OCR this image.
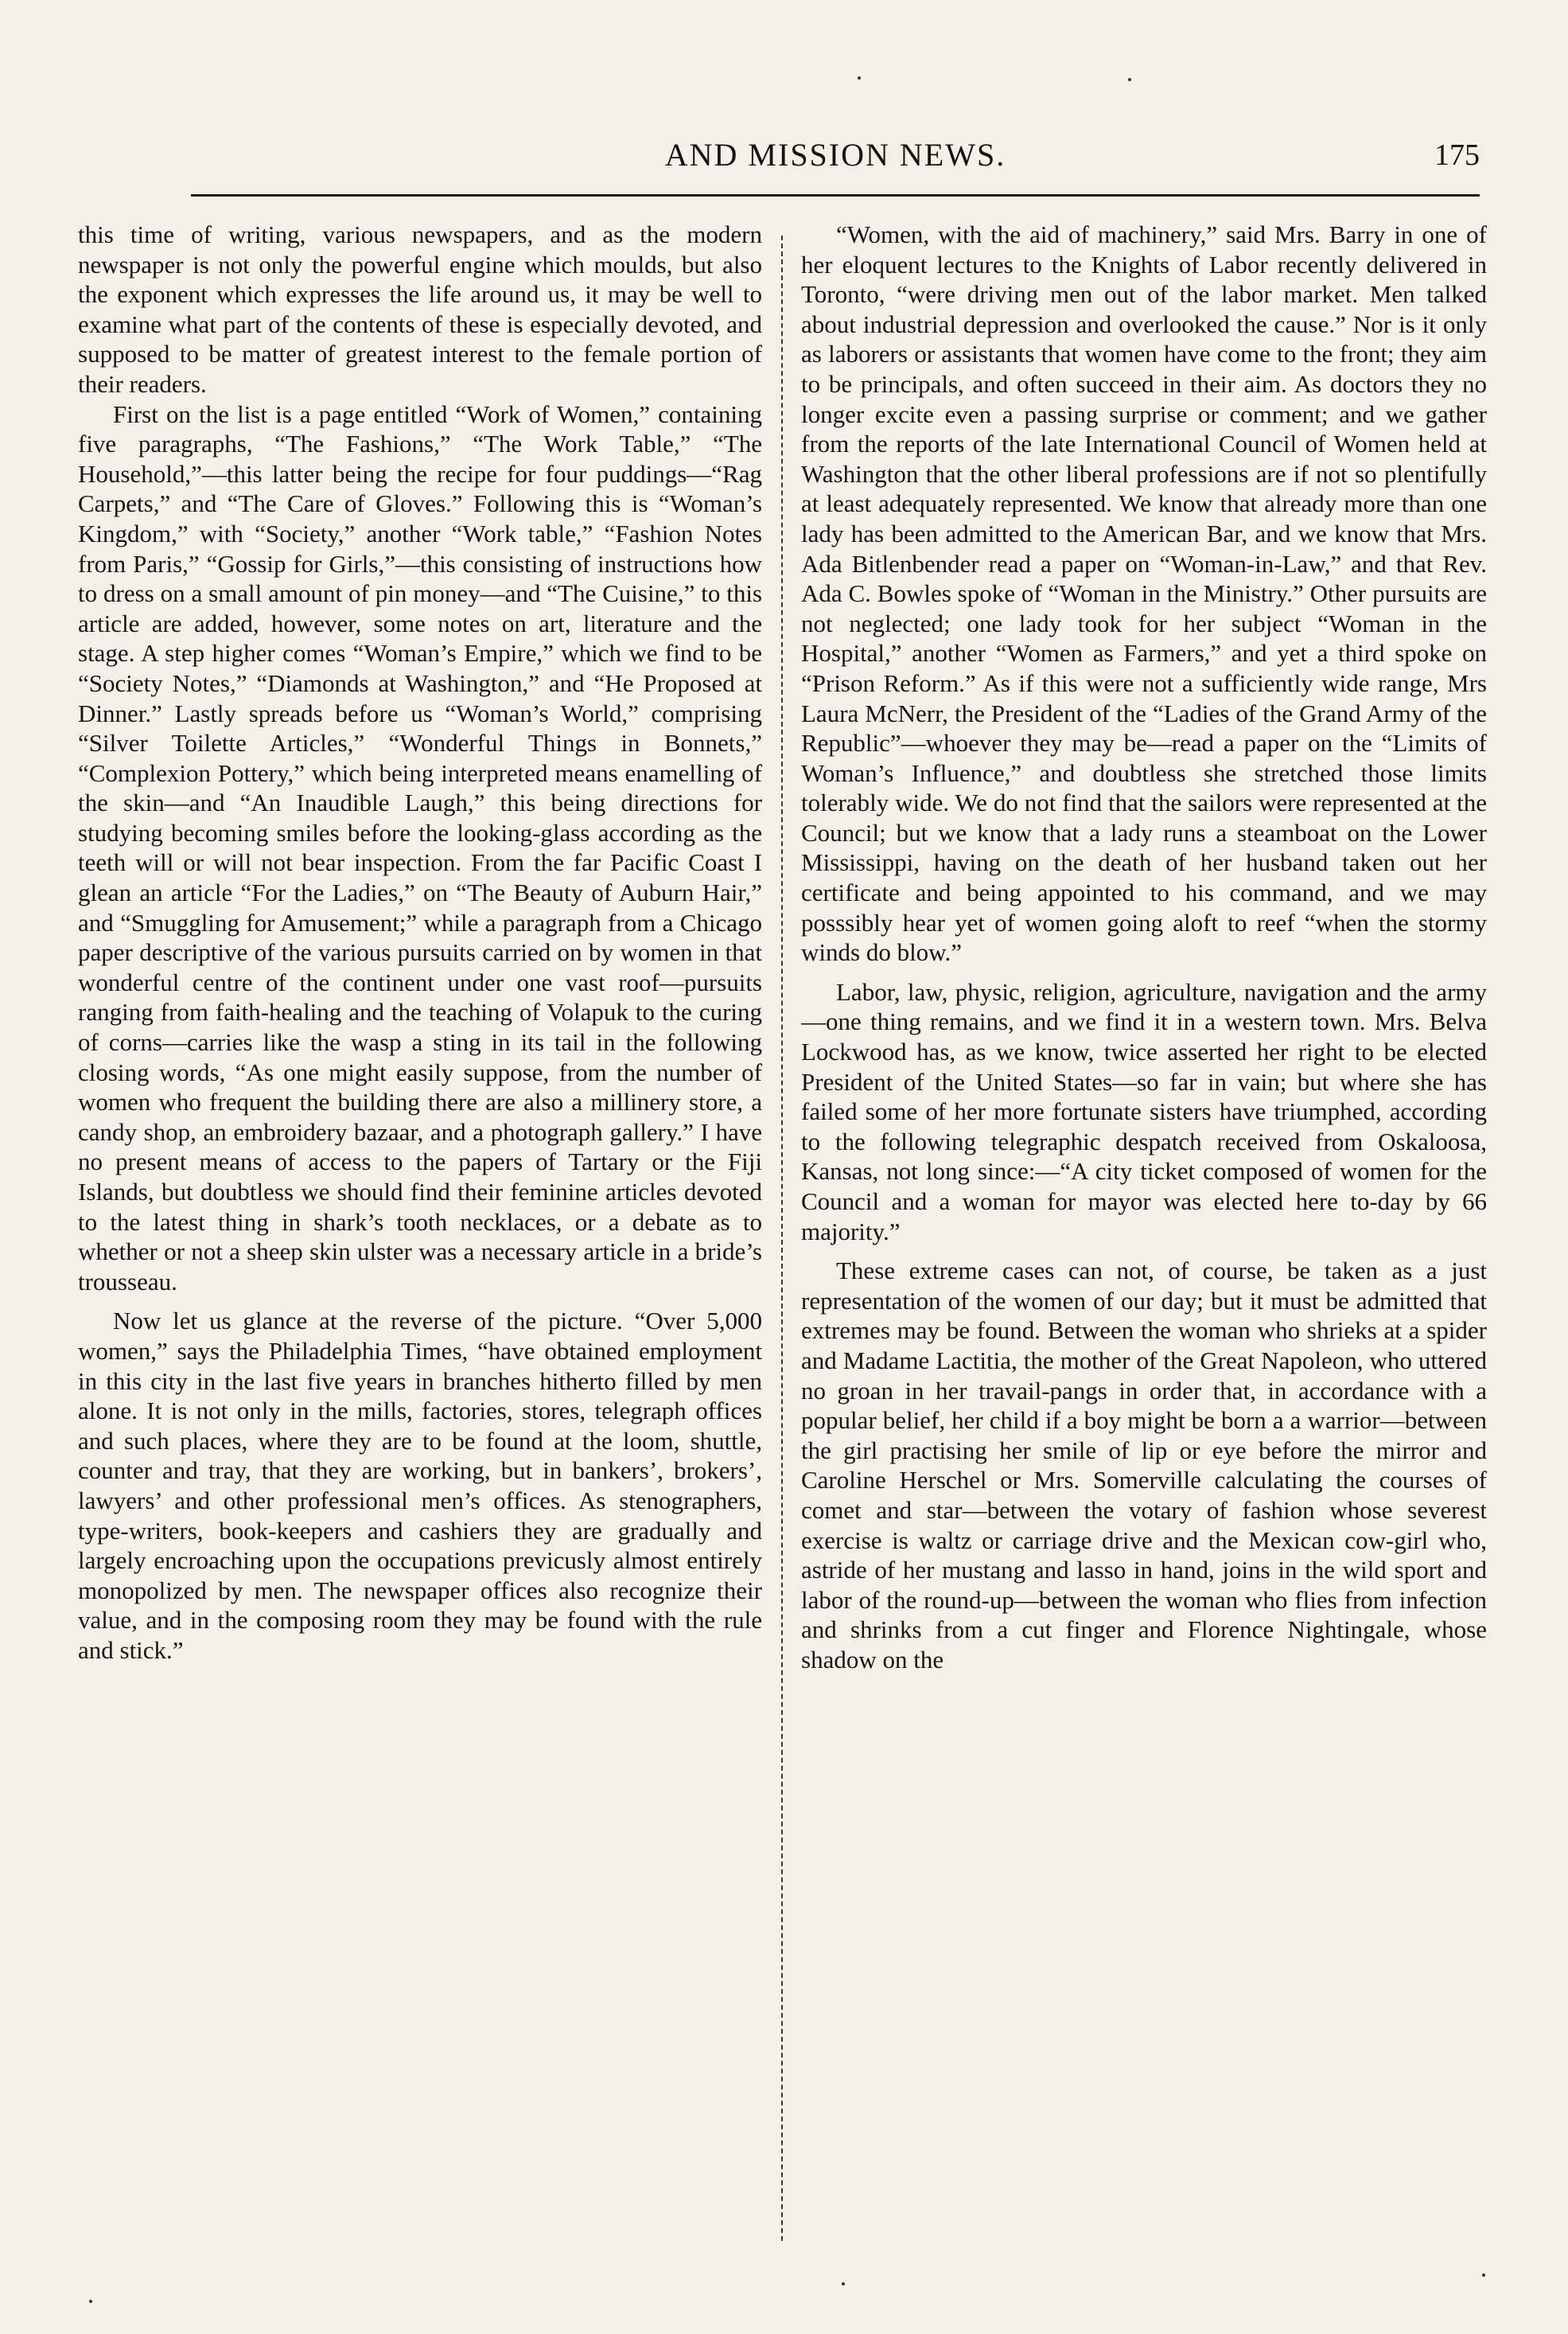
AND MISSION NEWS.	175

this time of writing, various newspapers, and as the modern newspaper is not only the powerful engine which moulds, but also the exponent which expresses the life around us, it may be well to examine what part of the contents of these is especially devoted, and supposed to be matter of greatest interest to the female portion of their readers.

First on the list is a page entitled “Work of Women,” containing five paragraphs, “The Fashions,” “The Work Table,” “The Household,”—this latter being the recipe for four puddings—“Rag Carpets,” and “The Care of Gloves.” Following this is “Woman’s Kingdom,” with “Society,” another “Work table,” “Fashion Notes from Paris,” “Gossip for Girls,”—this consisting of instructions how to dress on a small amount of pin money—and “The Cuisine,” to this article are added, however, some notes on art, literature and the stage. A step higher comes “Woman’s Empire,” which we find to be “Society Notes,” “Diamonds at Washington,” and “He Proposed at Dinner.” Lastly spreads before us “Woman’s World,” comprising “Silver Toilette Articles,” “Wonderful Things in Bonnets,” “Complexion Pottery,” which being interpreted means enamelling of the skin—and “An Inaudible Laugh,” this being directions for studying becoming smiles before the looking-glass according as the teeth will or will not bear inspection. From the far Pacific Coast I glean an article “For the Ladies,” on “The Beauty of Auburn Hair,” and “Smuggling for Amusement;” while a paragraph from a Chicago paper descriptive of the various pursuits carried on by women in that wonderful centre of the continent under one vast roof—pursuits ranging from faith-healing and the teaching of Volapuk to the curing of corns—carries like the wasp a sting in its tail in the following closing words, “As one might easily suppose, from the number of women who frequent the building there are also a millinery store, a candy shop, an embroidery bazaar, and a photograph gallery.” I have no present means of access to the papers of Tartary or the Fiji Islands, but doubtless we should find their feminine articles devoted to the latest thing in shark’s tooth necklaces, or a debate as to whether or not a sheep skin ulster was a necessary article in a bride’s trousseau.

Now let us glance at the reverse of the picture. “Over 5,000 women,” says the Philadelphia Times, “have obtained employment in this city in the last five years in branches hitherto filled by men alone. It is not only in the mills, factories, stores, telegraph offices and such places, where they are to be found at the loom, shuttle, counter and tray, that they are working, but in bankers’, brokers’, lawyers’ and other professional men’s offices. As stenographers, type-writers, book-keepers and cashiers they are gradually and largely encroaching upon the occupations previcusly almost entirely monopolized by men. The newspaper offices also recognize their value, and in the composing room they may be found with the rule and stick.”

“Women, with the aid of machinery,” said Mrs. Barry in one of her eloquent lectures to the Knights of Labor recently delivered in Toronto, “were driving men out of the labor market. Men talked about industrial depression and overlooked the cause.” Nor is it only as laborers or assistants that women have come to the front; they aim to be principals, and often succeed in their aim. As doctors they no longer excite even a passing surprise or comment; and we gather from the reports of the late International Council of Women held at Washington that the other liberal professions are if not so plentifully at least adequately represented. We know that already more than one lady has been admitted to the American Bar, and we know that Mrs. Ada Bitlenbender read a paper on “Woman-in-Law,” and that Rev. Ada C. Bowles spoke of “Woman in the Ministry.” Other pursuits are not neglected; one lady took for her subject “Woman in the Hospital,” another “Women as Farmers,” and yet a third spoke on “Prison Reform.” As if this were not a sufficiently wide range, Mrs Laura McNerr, the President of the “Ladies of the Grand Army of the Republic”—whoever they may be—read a paper on the “Limits of Woman’s Influence,” and doubtless she stretched those limits tolerably wide. We do not find that the sailors were represented at the Council; but we know that a lady runs a steamboat on the Lower Mississippi, having on the death of her husband taken out her certificate and being appointed to his command, and we may posssibly hear yet of women going aloft to reef “when the stormy winds do blow.”

Labor, law, physic, religion, agriculture, navigation and the army—one thing remains, and we find it in a western town. Mrs. Belva Lockwood has, as we know, twice asserted her right to be elected President of the United States—so far in vain; but where she has failed some of her more fortunate sisters have triumphed, according to the following telegraphic despatch received from Oskaloosa, Kansas, not long since:—“A city ticket composed of women for the Council and a woman for mayor was elected here to-day by 66 majority.”

These extreme cases can not, of course, be taken as a just representation of the women of our day; but it must be admitted that extremes may be found. Between the woman who shrieks at a spider and Madame Lactitia, the mother of the Great Napoleon, who uttered no groan in her travail-pangs in order that, in accordance with a popular belief, her child if a boy might be born a a warrior—between the girl practising her smile of lip or eye before the mirror and Caroline Herschel or Mrs. Somerville calculating the courses of comet and star—between the votary of fashion whose severest exercise is waltz or carriage drive and the Mexican cow-girl who, astride of her mustang and lasso in hand, joins in the wild sport and labor of the round-up—between the woman who flies from infection and shrinks from a cut finger and Florence Nightingale, whose shadow on the
